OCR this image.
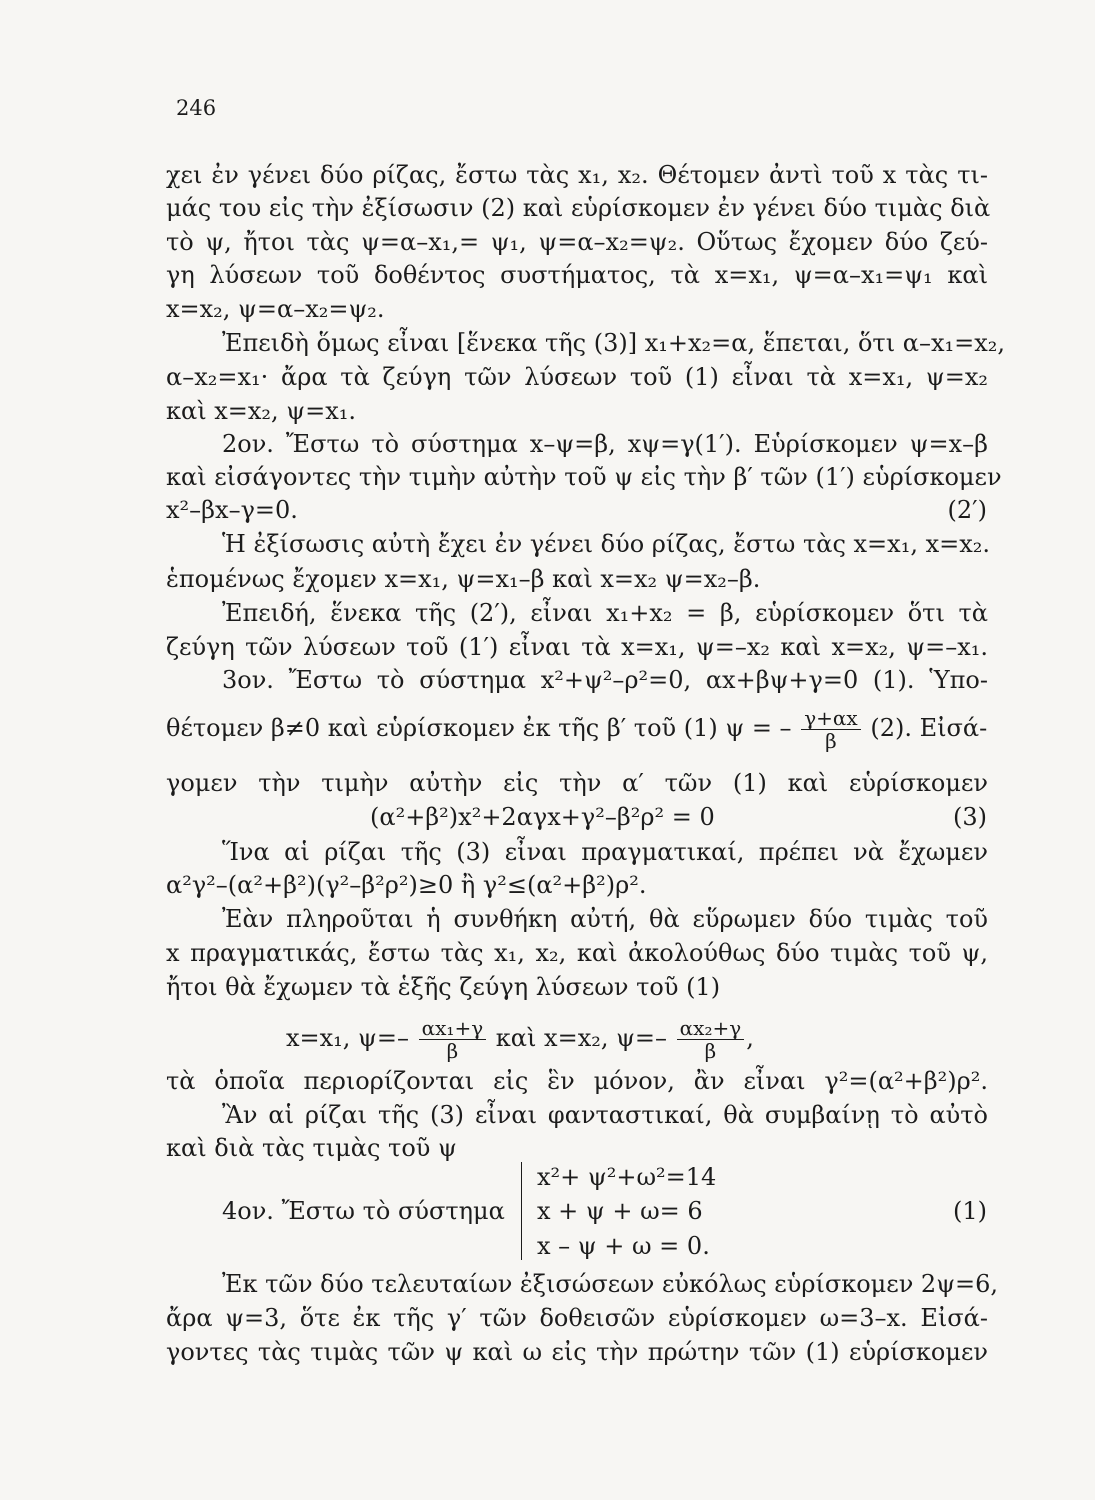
246
χει ἐν γένει δύο ρίζας, ἔστω τὰς x₁, x₂. Θέτομεν ἀντὶ τοῦ x τὰς τι-
μάς του εἰς τὴν ἐξίσωσιν (2) καὶ εὑρίσκομεν ἐν γένει δύο τιμὰς διὰ
τὸ ψ, ἤτοι τὰς ψ=α–x₁,= ψ₁, ψ=α–x₂=ψ₂. Οὕτως ἔχομεν δύο ζεύ-
γη λύσεων τοῦ δοθέντος συστήματος, τὰ x=x₁, ψ=α–x₁=ψ₁ καὶ
x=x₂, ψ=α–x₂=ψ₂.
Ἐπειδὴ ὅμως εἶναι [ἕνεκα τῆς (3)] x₁+x₂=α, ἕπεται, ὅτι α–x₁=x₂,
α–x₂=x₁· ἄρα τὰ ζεύγη τῶν λύσεων τοῦ (1) εἶναι τὰ x=x₁, ψ=x₂
καὶ x=x₂, ψ=x₁.
2ον. Ἔστω τὸ σύστημα x–ψ=β, xψ=γ(1′). Εὑρίσκομεν ψ=x–β
καὶ εἰσάγοντες τὴν τιμὴν αὐτὴν τοῦ ψ εἰς τὴν β′ τῶν (1′) εὑρίσκομεν
x²–βx–γ=0.	(2′)
Ἡ ἐξίσωσις αὐτὴ ἔχει ἐν γένει δύο ρίζας, ἔστω τὰς x=x₁, x=x₂.
ἑπομένως ἔχομεν x=x₁, ψ=x₁–β καὶ x=x₂ ψ=x₂–β.
Ἐπειδή, ἕνεκα τῆς (2′), εἶναι x₁+x₂ = β, εὑρίσκομεν ὅτι τὰ
ζεύγη τῶν λύσεων τοῦ (1′) εἶναι τὰ x=x₁, ψ=–x₂ καὶ x=x₂, ψ=–x₁.
3ον. Ἔστω τὸ σύστημα x²+ψ²–ρ²=0, αx+βψ+γ=0 (1). Ὑπο-
θέτομεν β≠0 καὶ εὑρίσκομεν ἐκ τῆς β′ τοῦ (1) ψ = – $\frac{\gamma+\alpha x}{\beta} (2)$. Εἰσά-
γομεν τὴν τιμὴν αὐτὴν εἰς τὴν α′ τῶν (1) καὶ εὑρίσκομεν
(α²+β²)x²+2αγx+γ²–β²ρ² = 0	(3)
Ἵνα αἱ ρίζαι τῆς (3) εἶναι πραγματικαί, πρέπει νὰ ἔχωμεν
α²γ²–(α²+β²)(γ²–β²ρ²)≥0 ἢ γ²≤(α²+β²)ρ².
Ἐὰν πληροῦται ἡ συνθήκη αὐτή, θὰ εὕρωμεν δύο τιμὰς τοῦ
x πραγματικάς, ἔστω τὰς x₁, x₂, καὶ ἀκολούθως δύο τιμὰς τοῦ ψ,
ἤτοι θὰ ἔχωμεν τὰ ἑξῆς ζεύγη λύσεων τοῦ (1)
x=x₁, $\psi=- \frac{\text{αx₁+γ}}{\beta}$ καὶ x=x₂, $\psi=- \frac{\text{αx₂+γ}}{\beta}$ ,
τὰ ὁποῖα περιορίζονται εἰς ἓν μόνον, ἂν εἶναι γ²=(α²+β²)ρ².
Ἂν αἱ ρίζαι τῆς (3) εἶναι φανταστικαί, θὰ συμβαίνῃ τὸ αὐτὸ
καὶ διὰ τὰς τιμὰς τοῦ ψ
4ον. Ἔστω τὸ σύστημα
x²+ ψ²+ω²=14
x + ψ + ω= 6
x – ψ + ω = 0.
(1)
Ἐκ τῶν δύο τελευταίων ἐξισώσεων εὐκόλως εὑρίσκομεν 2ψ=6,
ἄρα ψ=3, ὅτε ἐκ τῆς γ′ τῶν δοθεισῶν εὑρίσκομεν ω=3–x. Εἰσά-
γοντες τὰς τιμὰς τῶν ψ καὶ ω εἰς τὴν πρώτην τῶν (1) εὑρίσκομεν
